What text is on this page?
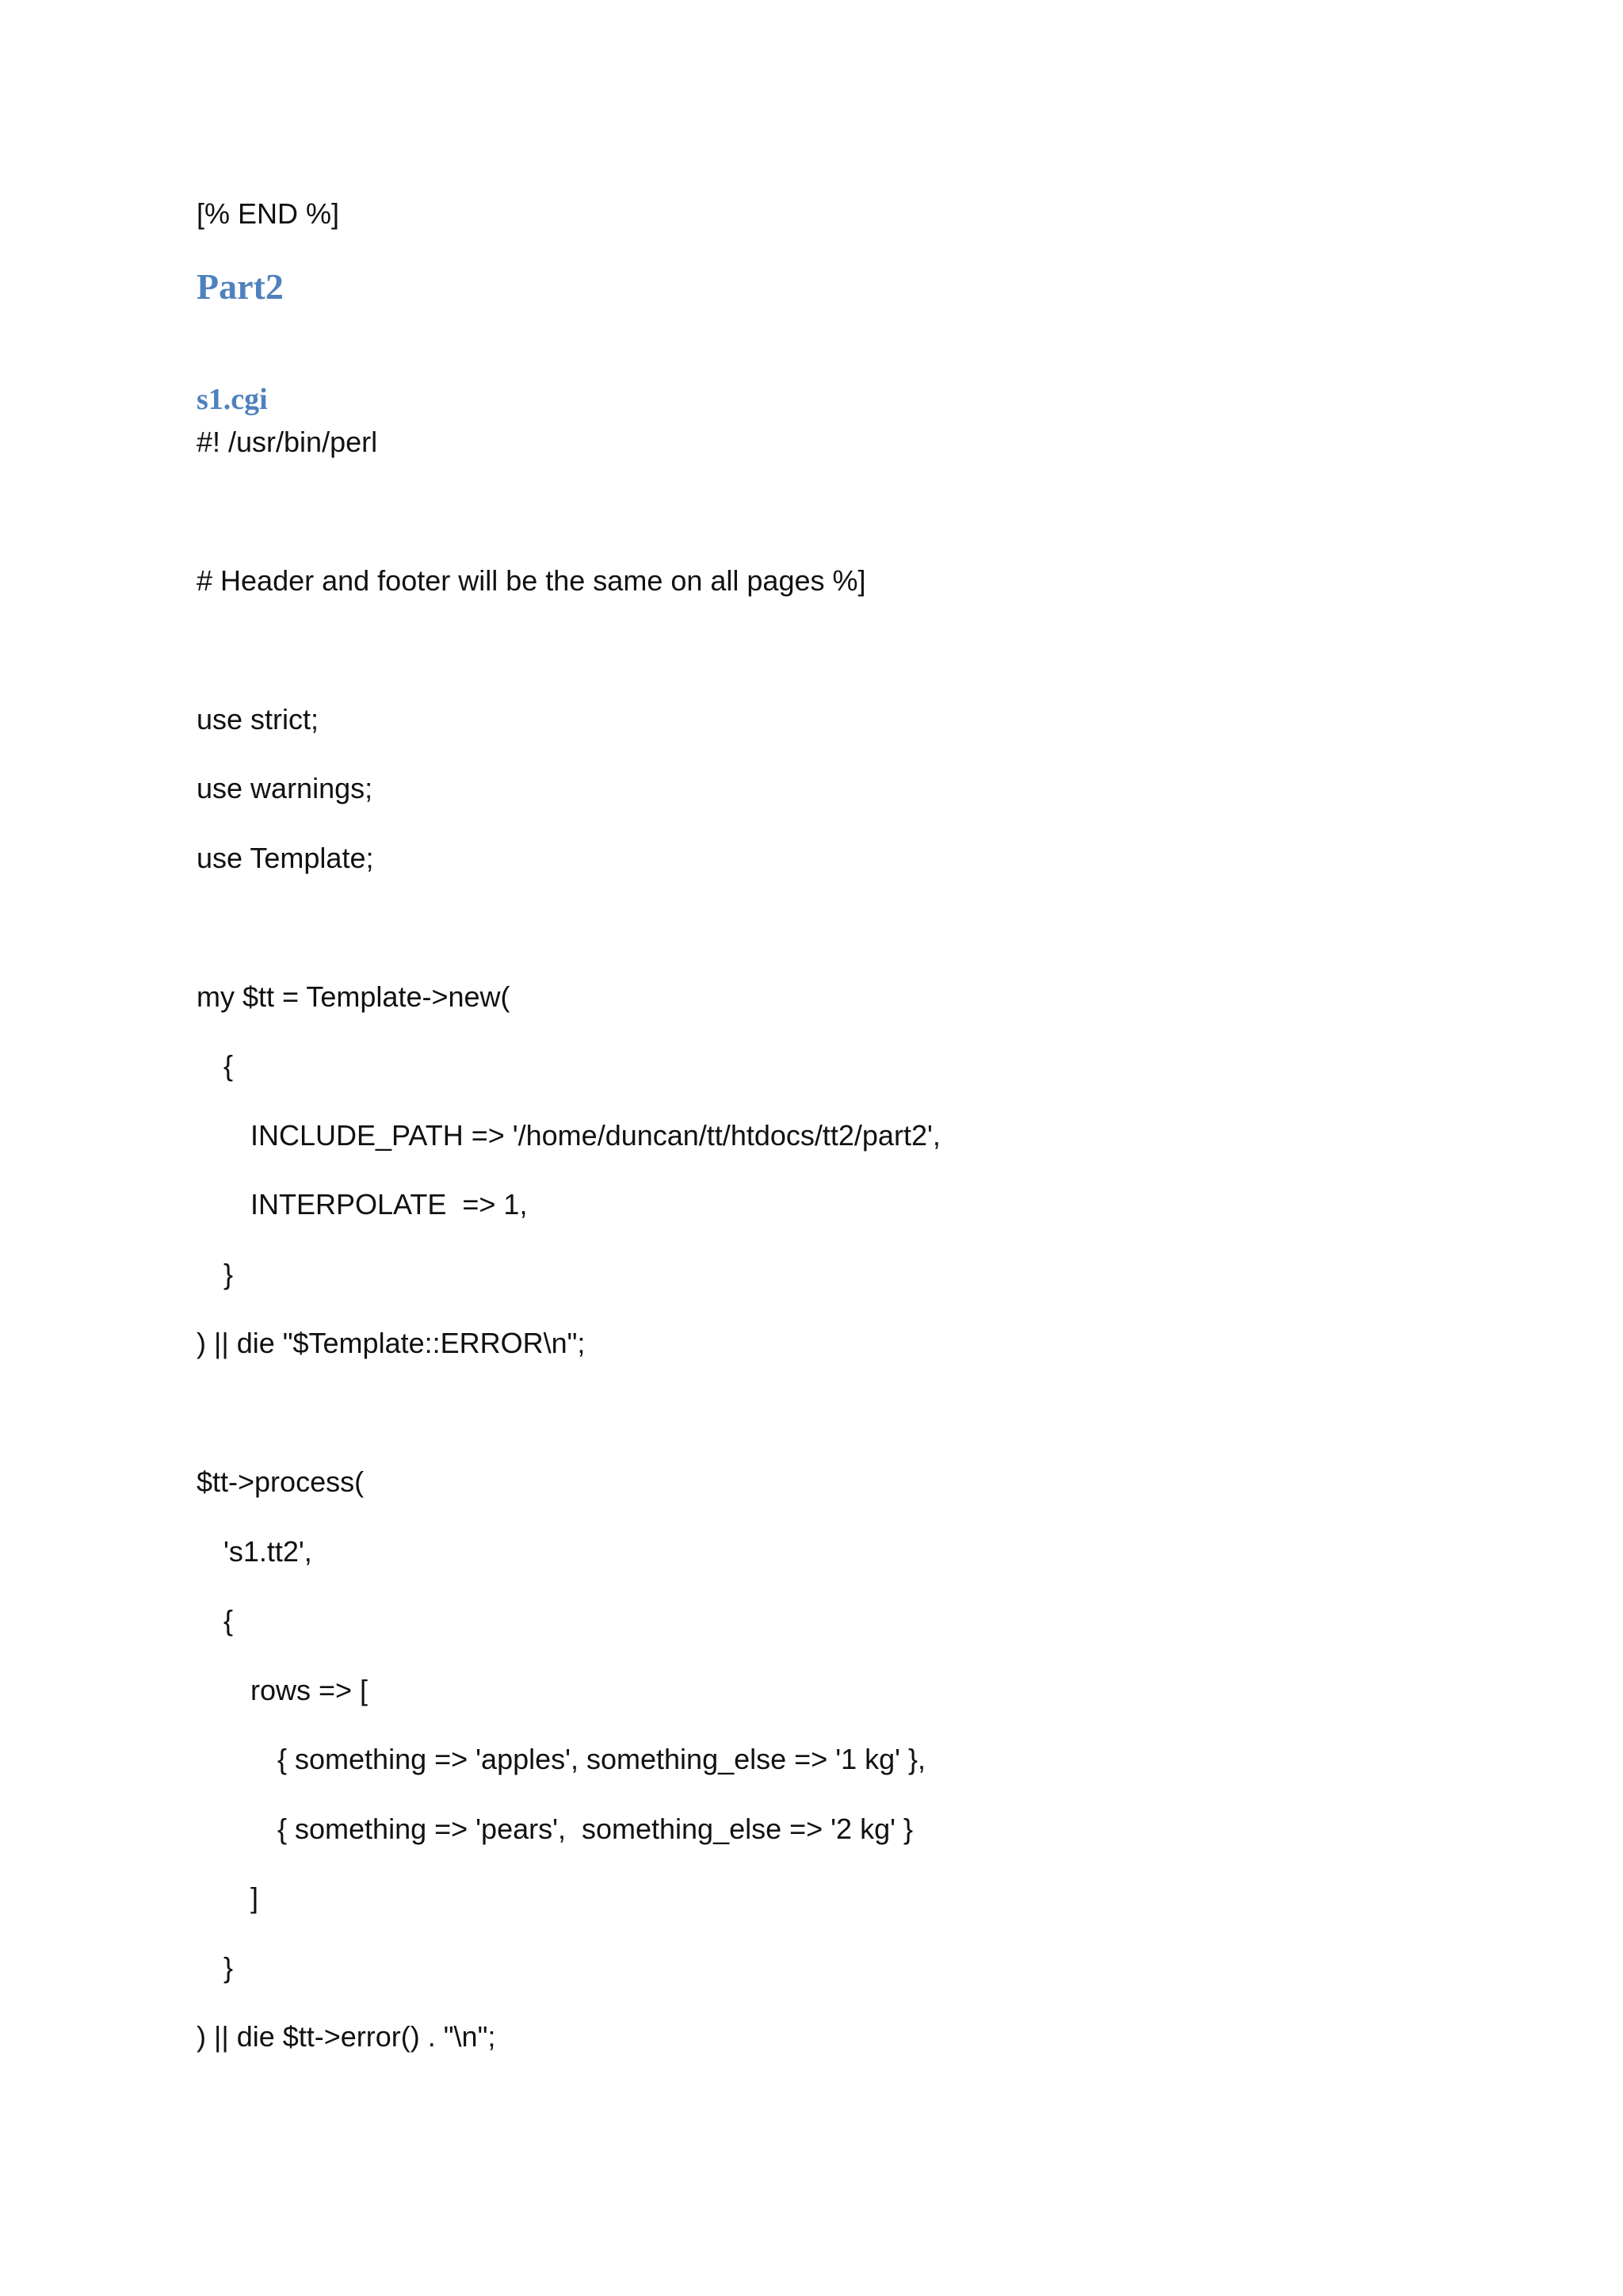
[% END %]
Part2
s1.cgi
#! /usr/bin/perl
# Header and footer will be the same on all pages %]
use strict;
use warnings;
use Template;
my $tt = Template->new(
{
INCLUDE_PATH => '/home/duncan/tt/htdocs/tt2/part2',
INTERPOLATE  => 1,
}
) || die "$Template::ERROR\n";
$tt->process(
's1.tt2',
{
rows => [
{ something => 'apples', something_else => '1 kg' },
{ something => 'pears',  something_else => '2 kg' }
]
}
) || die $tt->error() . "\n";
